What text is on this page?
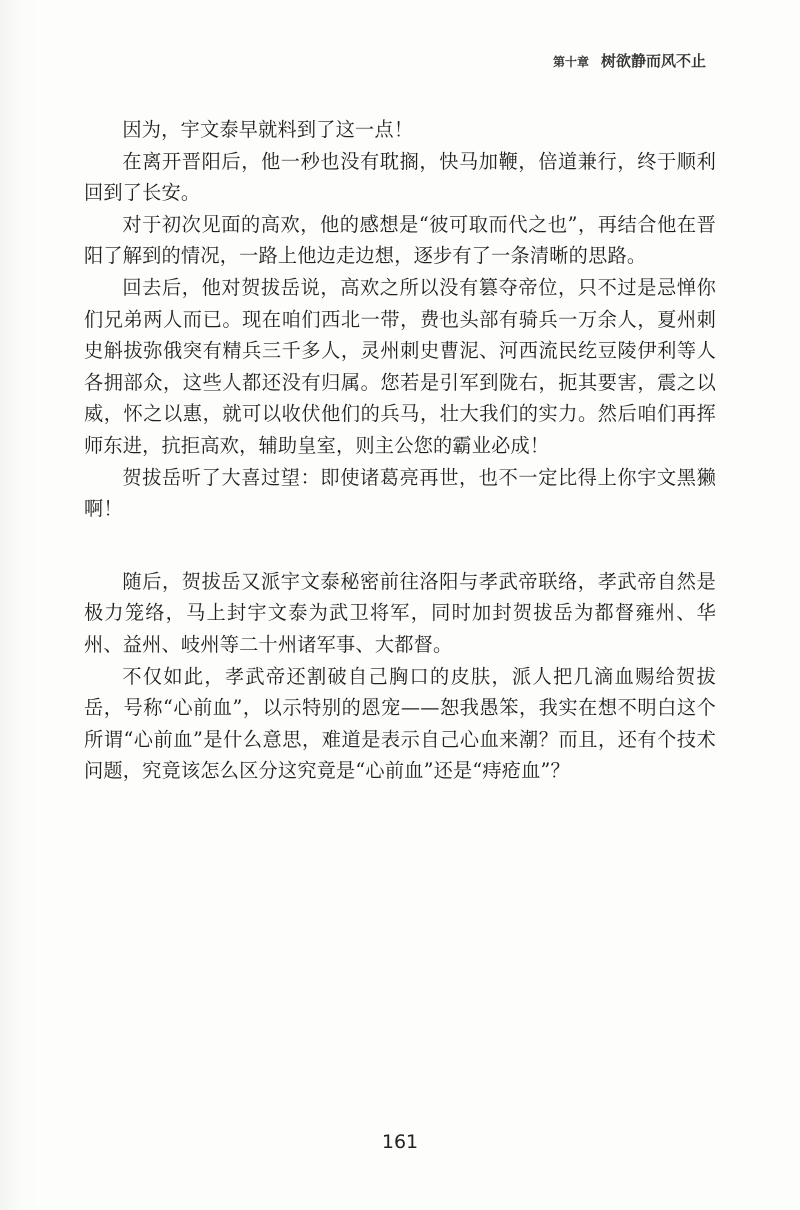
第十章 树欲静而风不止

因为，宇文泰早就料到了这一点！

在离开晋阳后，他一秒也没有耽搁，快马加鞭，倍道兼行，终于顺利回到了长安。

对于初次见面的高欢，他的感想是“彼可取而代之也”，再结合他在晋阳了解到的情况，一路上他边走边想，逐步有了一条清晰的思路。

回去后，他对贺拔岳说，高欢之所以没有篡夺帝位，只不过是忌惮你们兄弟两人而已。现在咱们西北一带，费也头部有骑兵一万余人，夏州刺史斛拔弥俄突有精兵三千多人，灵州刺史曹泥、河西流民纥豆陵伊利等人各拥部众，这些人都还没有归属。您若是引军到陇右，扼其要害，震之以威，怀之以惠，就可以收伏他们的兵马，壮大我们的实力。然后咱们再挥师东进，抗拒高欢，辅助皇室，则主公您的霸业必成！

贺拔岳听了大喜过望：即使诸葛亮再世，也不一定比得上你宇文黑獭啊！

随后，贺拔岳又派宇文泰秘密前往洛阳与孝武帝联络，孝武帝自然是极力笼络，马上封宇文泰为武卫将军，同时加封贺拔岳为都督雍州、华州、益州、岐州等二十州诸军事、大都督。

不仅如此，孝武帝还割破自己胸口的皮肤，派人把几滴血赐给贺拔岳，号称“心前血”，以示特别的恩宠——恕我愚笨，我实在想不明白这个所谓“心前血”是什么意思，难道是表示自己心血来潮？而且，还有个技术问题，究竟该怎么区分这究竟是“心前血”还是“痔疮血”？

161
